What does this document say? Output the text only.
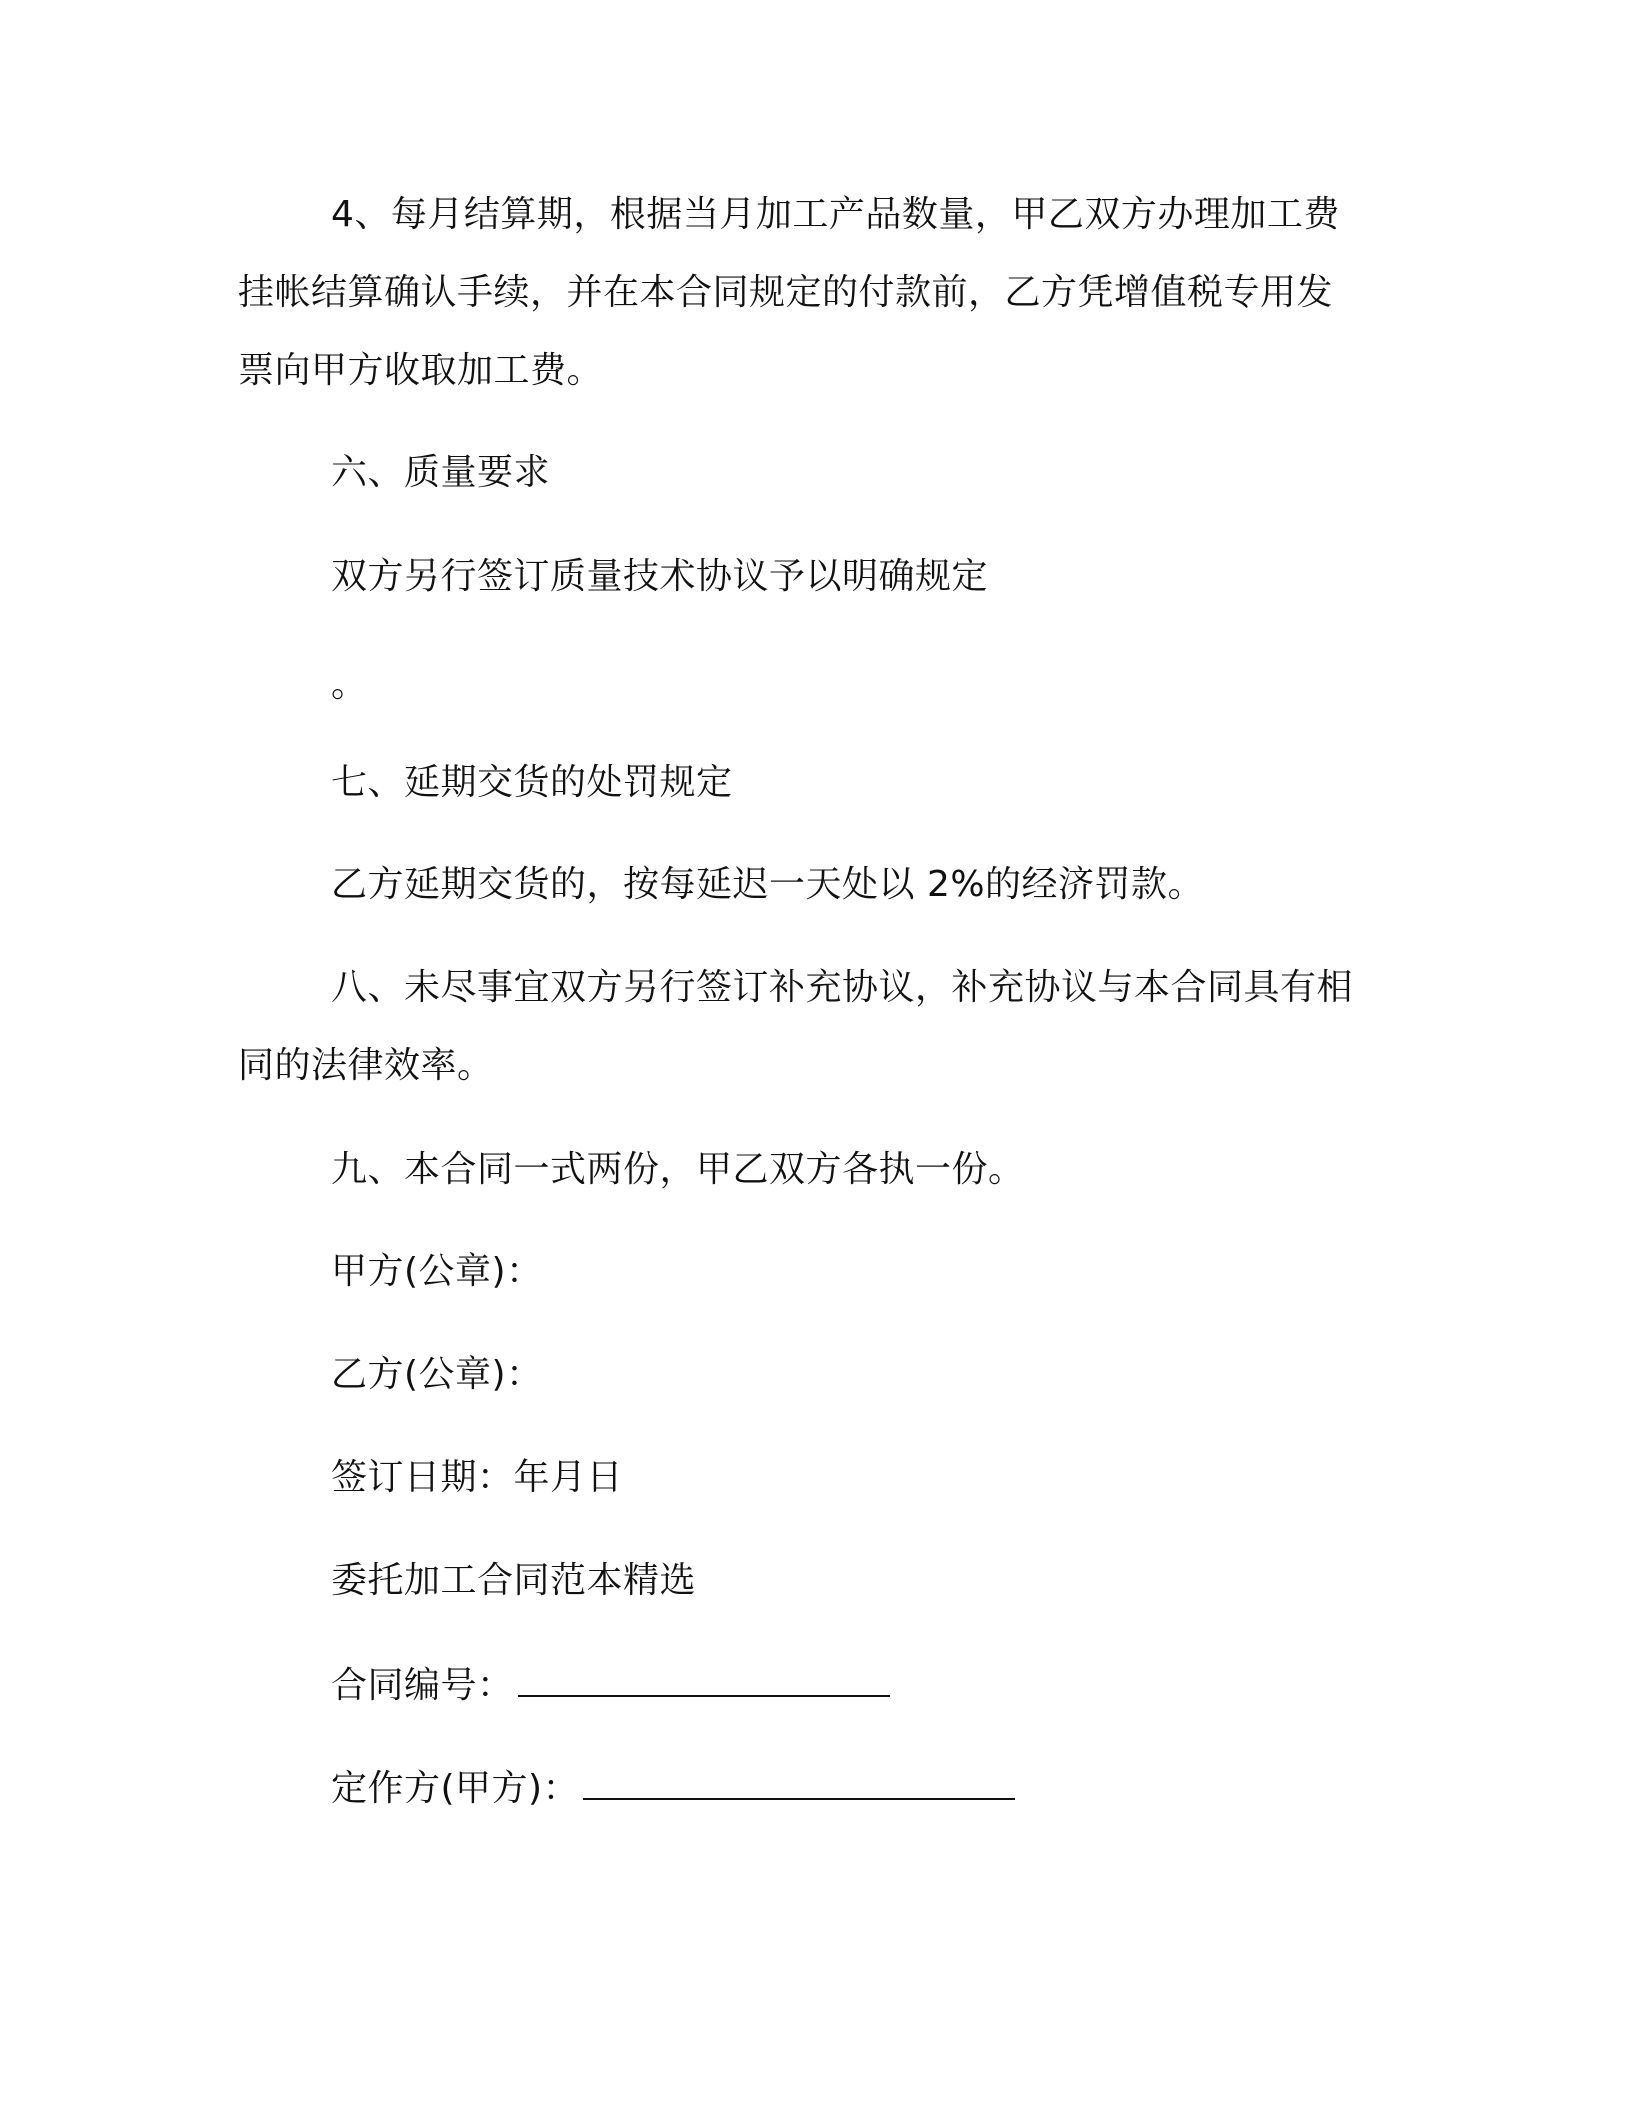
4、每月结算期，根据当月加工产品数量，甲乙双方办理加工费
挂帐结算确认手续，并在本合同规定的付款前，乙方凭增值税专用发
票向甲方收取加工费。
六、质量要求
双方另行签订质量技术协议予以明确规定
。
七、延期交货的处罚规定
乙方延期交货的，按每延迟一天处以 2%的经济罚款。
八、未尽事宜双方另行签订补充协议，补充协议与本合同具有相
同的法律效率。
九、本合同一式两份，甲乙双方各执一份。
甲方(公章)：
乙方(公章)：
签订日期：年月日
委托加工合同范本精选
合同编号：
定作方(甲方)：
